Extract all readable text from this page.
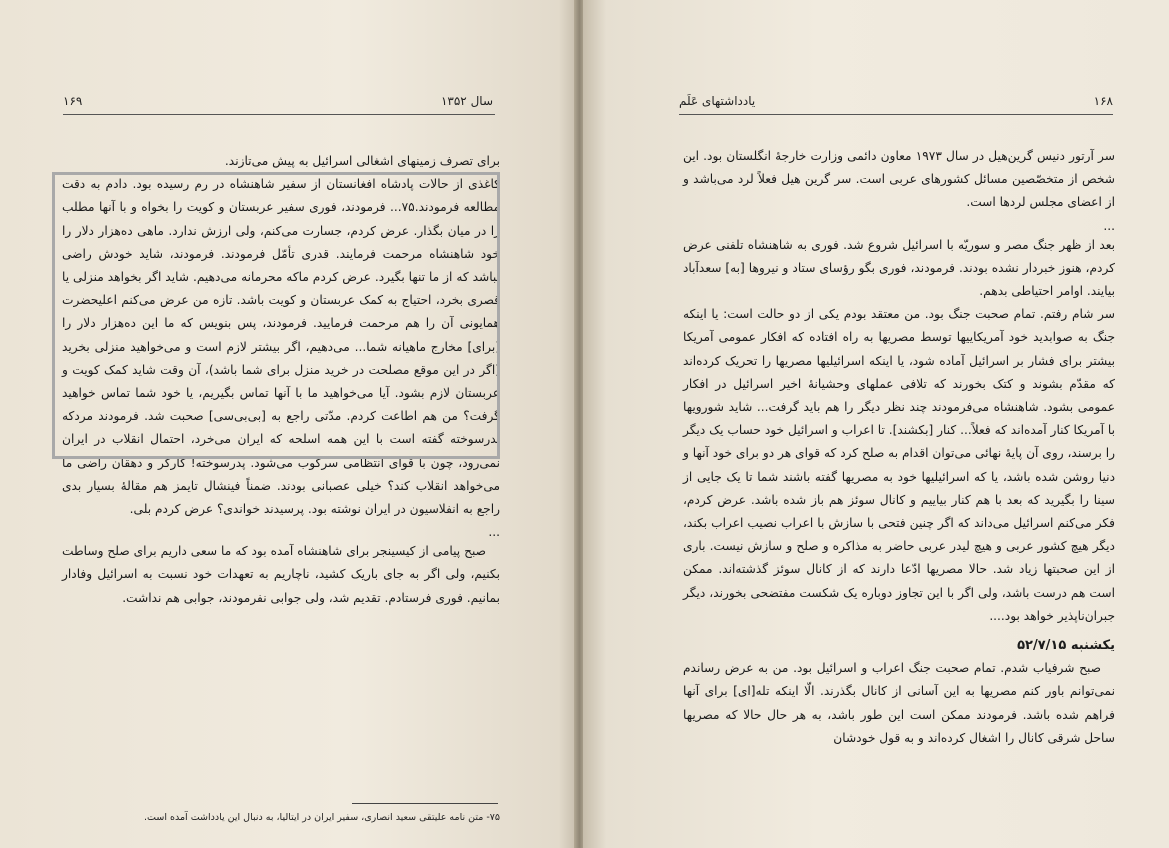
سال ۱۳۵۲
۱۶۹

برای تصرف زمینهای اشغالی اسرائیل به پیش می‌تازند.

کاغذی از حالات پادشاه افغانستان از سفیر شاهنشاه در رم رسیده بود. دادم به دقت مطالعه فرمودند.۷۵... فرمودند، فوری سفیر عربستان و کویت را بخواه و با آنها مطلب را در میان بگذار. عرض کردم، جسارت می‌کنم، ولی ارزش ندارد. ماهی ده‌هزار دلار را خود شاهنشاه مرحمت فرمایند. قدری تأمّل فرمودند. فرمودند، شاید خودش راضی نباشد که از ما تنها بگیرد. عرض کردم ماکه محرمانه می‌دهیم. شاید اگر بخواهد منزلی یا قصری بخرد، احتیاج به کمک عربستان و کویت باشد. تازه من عرض می‌کنم اعلیحضرت همایونی آن را هم مرحمت فرمایید. فرمودند، پس بنویس که ما این ده‌هزار دلار را [برای] مخارج ماهیانه شما... می‌دهیم، اگر بیشتر لازم است و می‌خواهید منزلی بخرید (اگر در این موقع مصلحت در خرید منزل برای شما باشد)، آن وقت شاید کمک کویت و عربستان لازم بشود. آیا می‌خواهید ما با آنها تماس بگیریم، یا خود شما تماس خواهید گرفت؟ من هم اطاعت کردم. مدّتی راجع به [بی‌بی‌سی] صحبت شد. فرمودند مردکه پدرسوخته گفته است با این همه اسلحه که ایران می‌خرد، احتمال انقلاب در ایران نمی‌رود، چون با قوای انتظامی سرکوب می‌شود. پدرسوخته! کارگر و دهقان راضی ما می‌خواهد انقلاب کند؟ خیلی عصبانی بودند. ضمناً فینشال تایمز هم مقالهٔ بسیار بدی راجع به انفلاسیون در ایران نوشته بود. پرسیدند خواندی؟ عرض کردم بلی.

...

صبح پیامی از کیسینجر برای شاهنشاه آمده بود که ما سعی داریم برای صلح وساطت بکنیم، ولی اگر به جای باریک کشید، ناچاریم به تعهدات خود نسبت به اسرائیل وفادار بمانیم. فوری فرستادم. تقدیم شد، ولی جوابی نفرمودند، جوابی هم نداشت.

۷۵- متن نامه علیتقی سعید انصاری، سفیر ایران در ایتالیا، به دنبال این یادداشت آمده است.
۱۶۸
یادداشتهای عَلَم

سر آرتور دنیس گرین‌هیل در سال ۱۹۷۳ معاون دائمی وزارت خارجهٔ انگلستان بود. این شخص از متخصّصین مسائل کشورهای عربی است. سر گرین هیل فعلاً لرد می‌باشد و از اعضای مجلس لردها است.

...

بعد از ظهر جنگ مصر و سوریّه با اسرائیل شروع شد. فوری به شاهنشاه تلفنی عرض کردم، هنوز خبردار نشده بودند. فرمودند، فوری بگو رؤسای ستاد و نیروها [به] سعدآباد بیایند. اوامر احتیاطی بدهم.

سر شام رفتم. تمام صحبت جنگ بود. من معتقد بودم یکی از دو حالت است: یا اینکه جنگ به صوابدید خود آمریکاییها توسط مصریها به راه افتاده که افکار عمومی آمریکا بیشتر برای فشار بر اسرائیل آماده شود، یا اینکه اسرائیلیها مصریها را تحریک کرده‌اند که مقدّم بشوند و کتک بخورند که تلافی عملهای وحشیانهٔ اخیر اسرائیل در افکار عمومی بشود. شاهنشاه می‌فرمودند چند نظر دیگر را هم باید گرفت... شاید شورویها با آمریکا کنار آمده‌اند که فعلاً... کنار [بکشند]. تا اعراب و اسرائیل خود حساب یک دیگر را برسند، روی آن پایهٔ نهائی می‌توان اقدام به صلح کرد که قوای هر دو برای خود آنها و دنیا روشن شده باشد، یا که اسرائیلیها خود به مصریها گفته باشند شما تا یک جایی از سینا را بگیرید که بعد با هم کنار بیاییم و کانال سوئز هم باز شده باشد. عرض کردم، فکر می‌کنم اسرائیل می‌داند که اگر چنین فتحی با سازش با اعراب نصیب اعراب بکند، دیگر هیچ کشور عربی و هیچ لیدر عربی حاضر به مذاکره و صلح و سازش نیست. باری از این صحبتها زیاد شد. حالا مصریها ادّعا دارند که از کانال سوئز گذشته‌اند. ممکن است هم درست باشد، ولی اگر با این تجاوز دوباره یک شکست مفتضحی بخورند، دیگر جبران‌ناپذیر خواهد بود....

یکشنبه ۵۲/۷/۱۵

صبح شرفیاب شدم. تمام صحبت جنگ اعراب و اسرائیل بود. من به عرض رساندم نمی‌توانم باور کنم مصریها به این آسانی از کانال بگذرند. الّا اینکه تله[ای] برای آنها فراهم شده باشد. فرمودند ممکن است این طور باشد، به هر حال حالا که مصریها ساحل شرقی کانال را اشغال کرده‌اند و به قول خودشان
